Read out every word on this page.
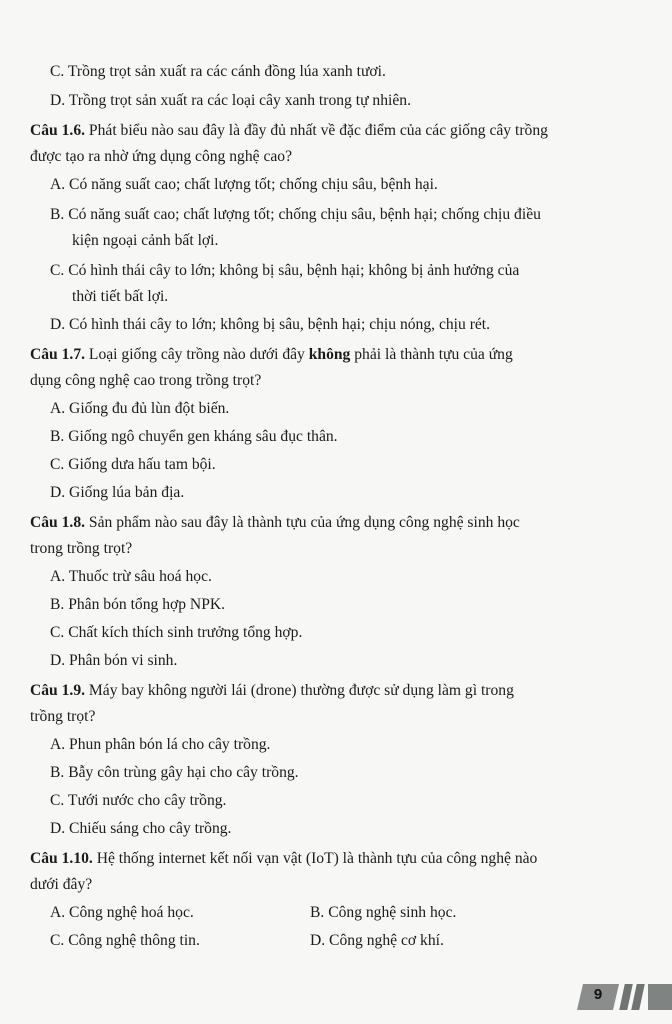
C. Trồng trọt sản xuất ra các cánh đồng lúa xanh tươi.
D. Trồng trọt sản xuất ra các loại cây xanh trong tự nhiên.
Câu 1.6. Phát biểu nào sau đây là đầy đủ nhất về đặc điểm của các giống cây trồng
được tạo ra nhờ ứng dụng công nghệ cao?
A. Có năng suất cao; chất lượng tốt; chống chịu sâu, bệnh hại.
B. Có năng suất cao; chất lượng tốt; chống chịu sâu, bệnh hại; chống chịu điều
kiện ngoại cảnh bất lợi.
C. Có hình thái cây to lớn; không bị sâu, bệnh hại; không bị ảnh hưởng của
thời tiết bất lợi.
D. Có hình thái cây to lớn; không bị sâu, bệnh hại; chịu nóng, chịu rét.
Câu 1.7. Loại giống cây trồng nào dưới đây không phải là thành tựu của ứng
dụng công nghệ cao trong trồng trọt?
A. Giống đu đủ lùn đột biến.
B. Giống ngô chuyển gen kháng sâu đục thân.
C. Giống dưa hấu tam bội.
D. Giống lúa bản địa.
Câu 1.8. Sản phẩm nào sau đây là thành tựu của ứng dụng công nghệ sinh học
trong trồng trọt?
A. Thuốc trừ sâu hoá học.
B. Phân bón tổng hợp NPK.
C. Chất kích thích sinh trưởng tổng hợp.
D. Phân bón vi sinh.
Câu 1.9. Máy bay không người lái (drone) thường được sử dụng làm gì trong
trồng trọt?
A. Phun phân bón lá cho cây trồng.
B. Bẫy côn trùng gây hại cho cây trồng.
C. Tưới nước cho cây trồng.
D. Chiếu sáng cho cây trồng.
Câu 1.10. Hệ thống internet kết nối vạn vật (IoT) là thành tựu của công nghệ nào
dưới đây?
A. Công nghệ hoá học.	B. Công nghệ sinh học.
C. Công nghệ thông tin.	D. Công nghệ cơ khí.
9
